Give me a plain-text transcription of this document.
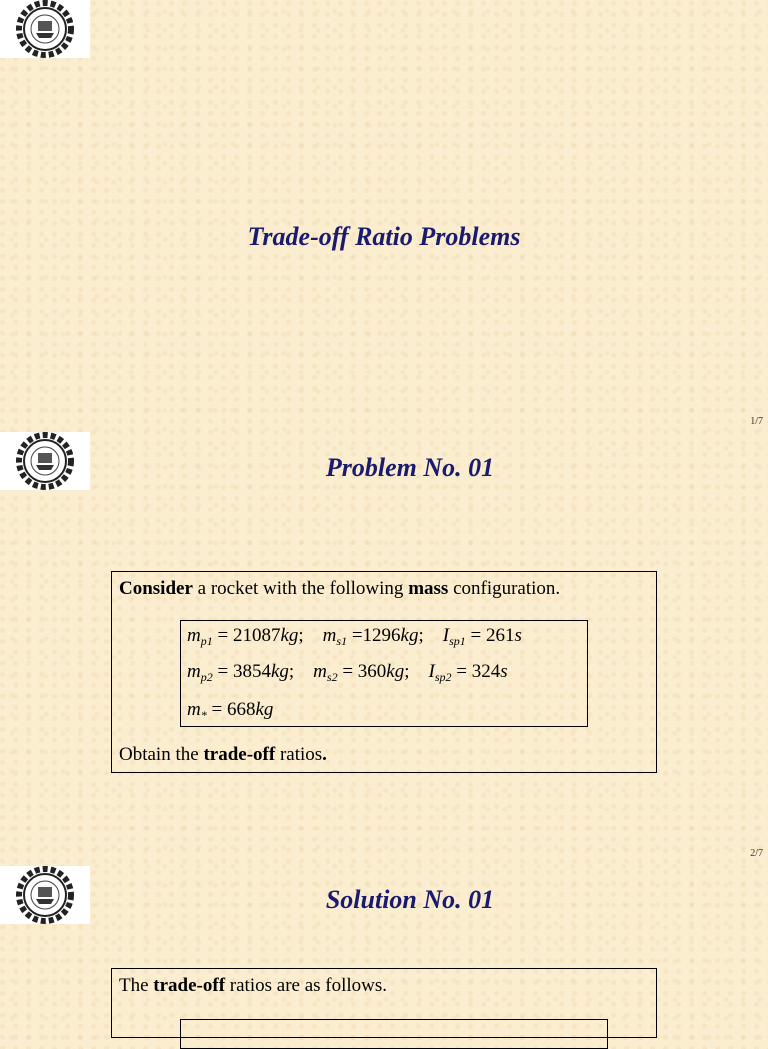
Trade-off Ratio Problems
1/7
Problem No. 01

Consider a rocket with the following mass configuration.

$m_{p1} = 21087kg$;    $m_{s1} =1296kg$;    $I_{sp1} = 261s$
$m_{p2} = 3854kg$;    $m_{s2} = 360kg$;    $I_{sp2} = 324s$
$m_* = 668kg$

Obtain the trade-off ratios.

2/7
Solution No. 01

The trade-off ratios are as follows.
